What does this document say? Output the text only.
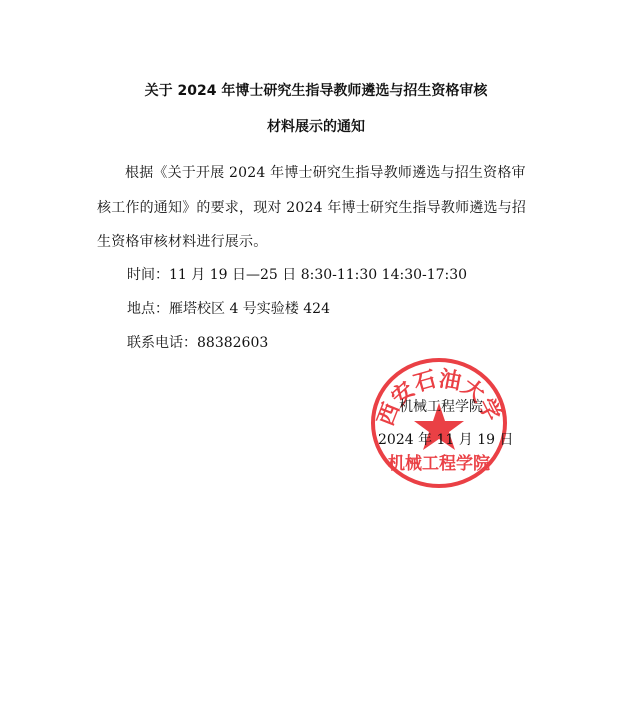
关于 2024 年博士研究生指导教师遴选与招生资格审核
材料展示的通知
根据《关于开展 2024 年博士研究生指导教师遴选与招生资格审核工作的通知》的要求，现对 2024 年博士研究生指导教师遴选与招生资格审核材料进行展示。
时间：11 月 19 日—25 日 8:30-11:30 14:30-17:30
地点：雁塔校区 4 号实验楼 424
联系电话：88382603
西安石油大学
机械工程学院
机械工程学院
2024 年 11 月 19 日
